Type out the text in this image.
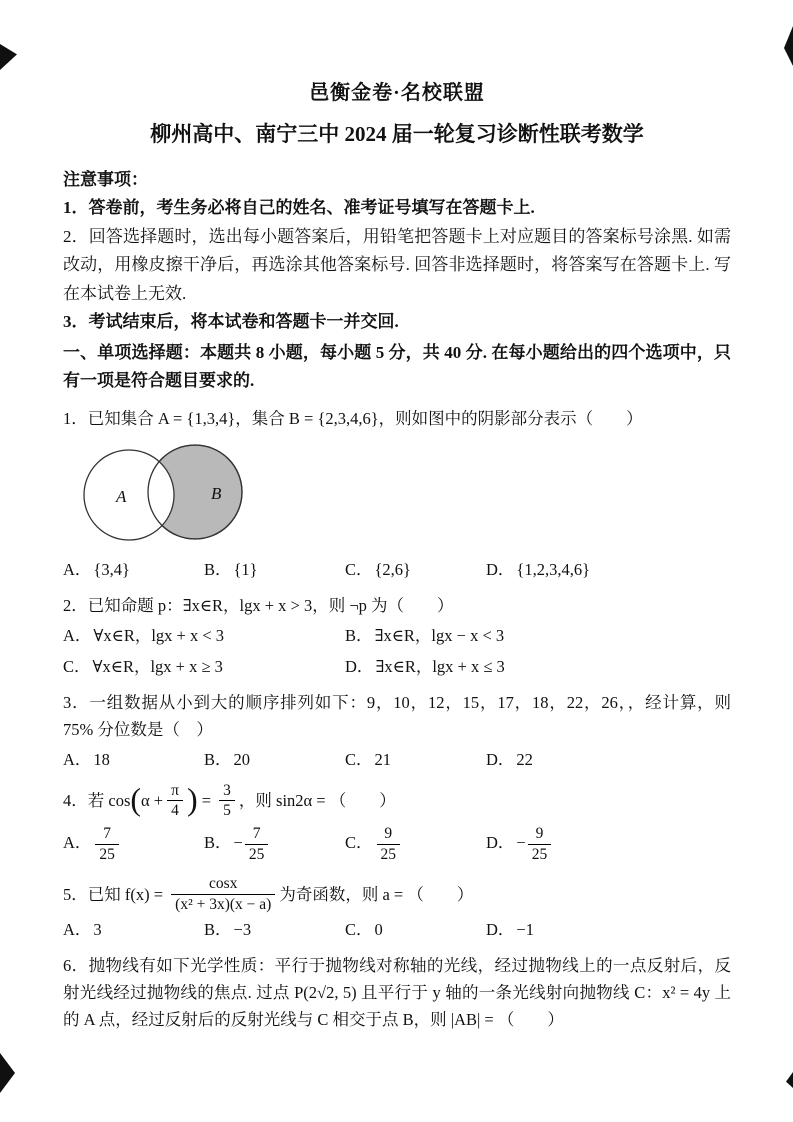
邑衡金卷·名校联盟
柳州高中、南宁三中 2024 届一轮复习诊断性联考数学
注意事项：
1．答卷前，考生务必将自己的姓名、准考证号填写在答题卡上.
2．回答选择题时，选出每小题答案后，用铅笔把答题卡上对应题目的答案标号涂黑. 如需改动，用橡皮擦干净后，再选涂其他答案标号. 回答非选择题时，将答案写在答题卡上. 写在本试卷上无效.
3．考试结束后，将本试卷和答题卡一并交回.
一、单项选择题：本题共 8 小题，每小题 5 分，共 40 分. 在每小题给出的四个选项中，只有一项是符合题目要求的.
1．已知集合 A = {1,3,4}，集合 B = {2,3,4,6}，则如图中的阴影部分表示（　　）
A	B
A． {3,4}	B． {1}	C． {2,6}	D． {1,2,3,4,6}
2．已知命题 p：∃x∈R，lgx + x > 3，则 ¬p 为（　　）
A． ∀x∈R，lgx + x < 3	B． ∃x∈R，lgx − x < 3
C． ∀x∈R，lgx + x ≥ 3	D． ∃x∈R，lgx + x ≤ 3
3．一组数据从小到大的顺序排列如下：9，10，12，15，17，18，22，26，，经计算，则 75% 分位数是（　）
A． 18	B． 20	C． 21	D． 22
4．若 cos ( $\alpha + \frac{\pi}{4}$ ) = $\frac{3}{5}$ ，则 sin2α = （　　）
A． $\frac{7}{25}$	B． − $\frac{7}{25}$	C． $\frac{9}{25}$	D． − $\frac{9}{25}$
5．已知 $f(x) = \frac{\cos x}{\text{(x² + 3x)(x − a)}}$ 为奇函数，则 a = （　　）
A． 3	B． −3	C． 0	D． −1
6．抛物线有如下光学性质：平行于抛物线对称轴的光线，经过抛物线上的一点反射后，反射光线经过抛物线的焦点. 过点 P(2√2, 5) 且平行于 y 轴的一条光线射向抛物线 C：x² = 4y 上的 A 点，经过反射后的反射光线与 C 相交于点 B，则 |AB| = （　　）
